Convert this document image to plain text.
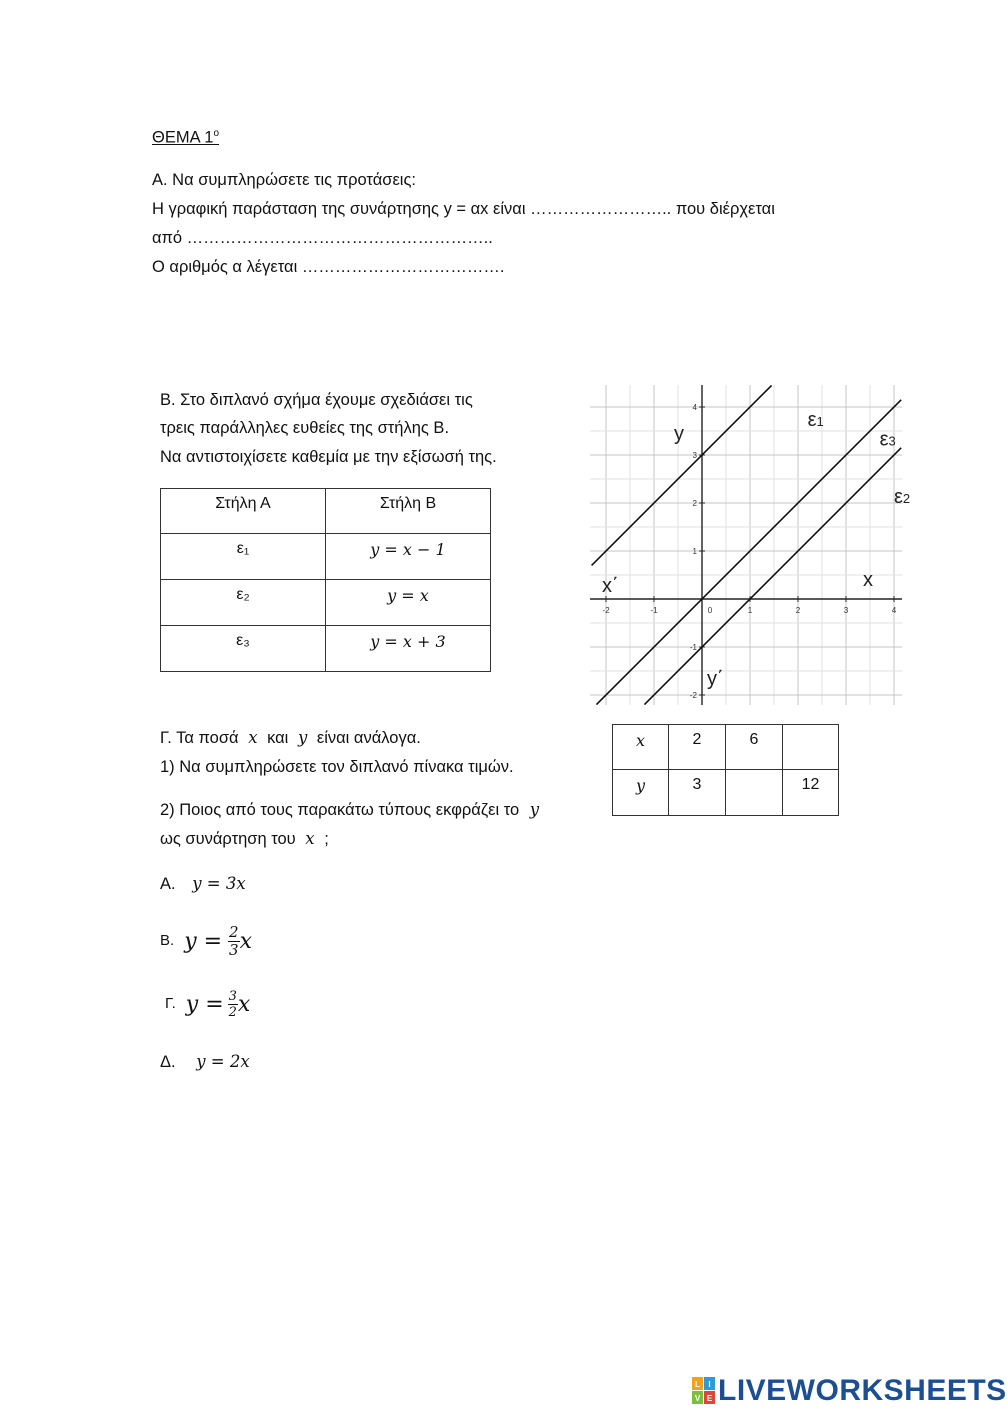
ΘΕΜΑ $1^o$
Α. Να συμπληρώσετε τις προτάσεις:
Η γραφική παράσταση της συνάρτησης y = αx είναι …………………….. που διέρχεται
από ………………………………………………..
Ο αριθμός α λέγεται ……………………………….
Β. Στο διπλανό σχήμα έχουμε σχεδιάσει τις
τρεις παράλληλες ευθείες της στήλης Β.
Να αντιστοιχίσετε καθεμία με την εξίσωσή της.
Στήλη Α	Στήλη Β
ε₁	y = x − 1
ε₂	y = x
ε₃	y = x + 3
-2	-1	0	1	2	3	4
4
3
2
1
-1
-2
ε1
ε3
ε2
y
x
x΄
y΄
Γ. Τα ποσά x και y είναι ανάλογα.
1) Να συμπληρώσετε τον διπλανό πίνακα τιμών.
2) Ποιος από τους παρακάτω τύπους εκφράζει το y
ως συνάρτηση του x ;
x	2	6	
y	3		12
Α. y = 3x
Β. $y = \frac{2}{3}$ x
Γ. $y = \frac{3}{2}$ x
Δ. y = 2x
L I
V E LIVEWORKSHEETS
